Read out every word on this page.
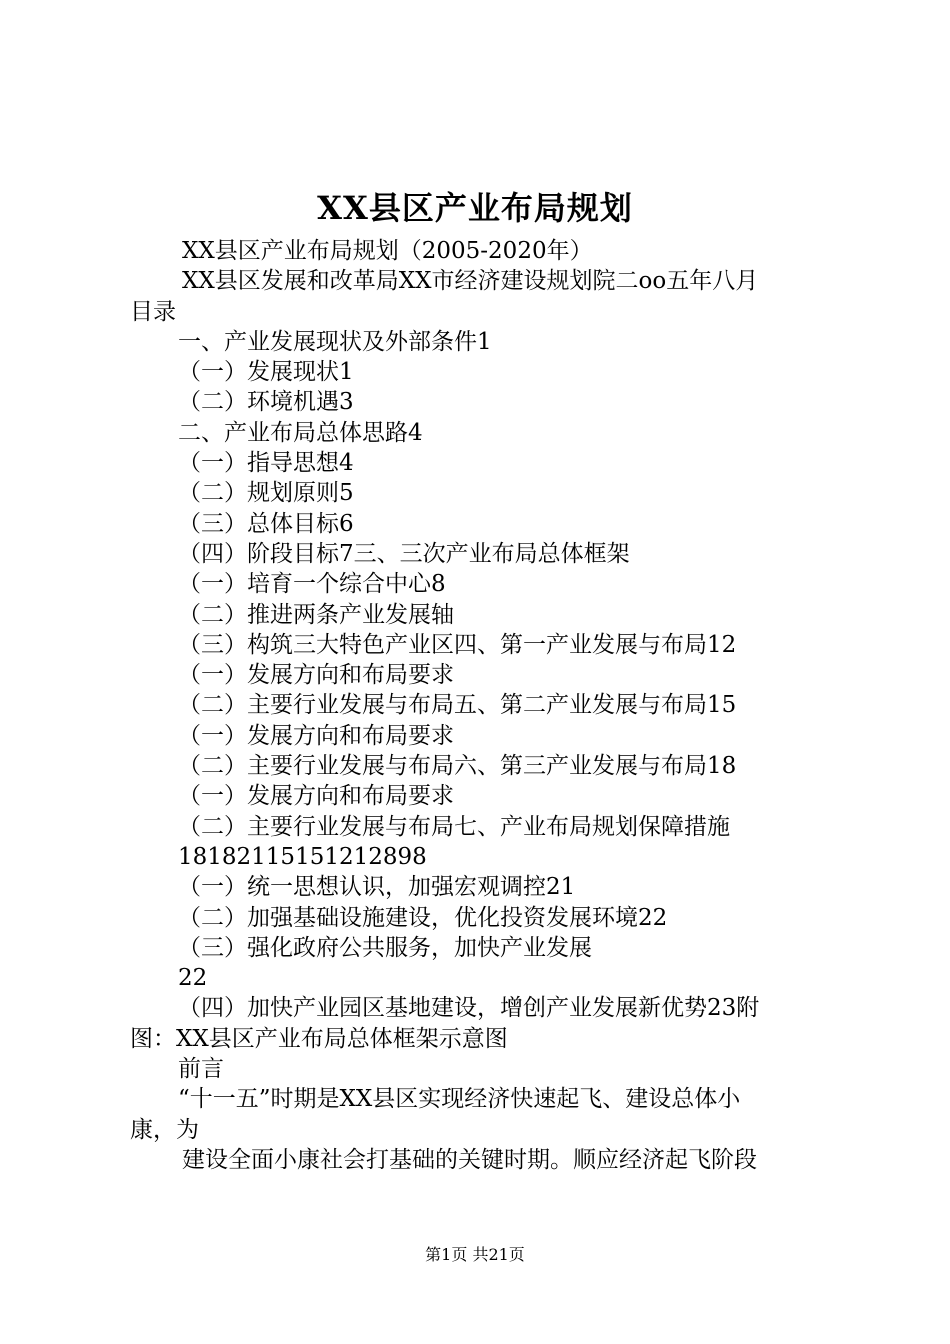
XX县区产业布局规划

XX县区产业布局规划（2005-2020年）

XX县区发展和改革局XX市经济建设规划院二oo五年八月

目录

一、产业发展现状及外部条件1

（一）发展现状1

（二）环境机遇3

二、产业布局总体思路4

（一）指导思想4

（二）规划原则5

（三）总体目标6

（四）阶段目标7三、三次产业布局总体框架

（一）培育一个综合中心8

（二）推进两条产业发展轴

（三）构筑三大特色产业区四、第一产业发展与布局12

（一）发展方向和布局要求

（二）主要行业发展与布局五、第二产业发展与布局15

（一）发展方向和布局要求

（二）主要行业发展与布局六、第三产业发展与布局18

（一）发展方向和布局要求

（二）主要行业发展与布局七、产业布局规划保障措施

18182115151212898

（一）统一思想认识，加强宏观调控21

（二）加强基础设施建设，优化投资发展环境22

（三）强化政府公共服务，加快产业发展

22

（四）加快产业园区基地建设，增创产业发展新优势23附

图：XX县区产业布局总体框架示意图

前言

“十一五”时期是XX县区实现经济快速起飞、建设总体小

康，为

建设全面小康社会打基础的关键时期。顺应经济起飞阶段

第1页 共21页
